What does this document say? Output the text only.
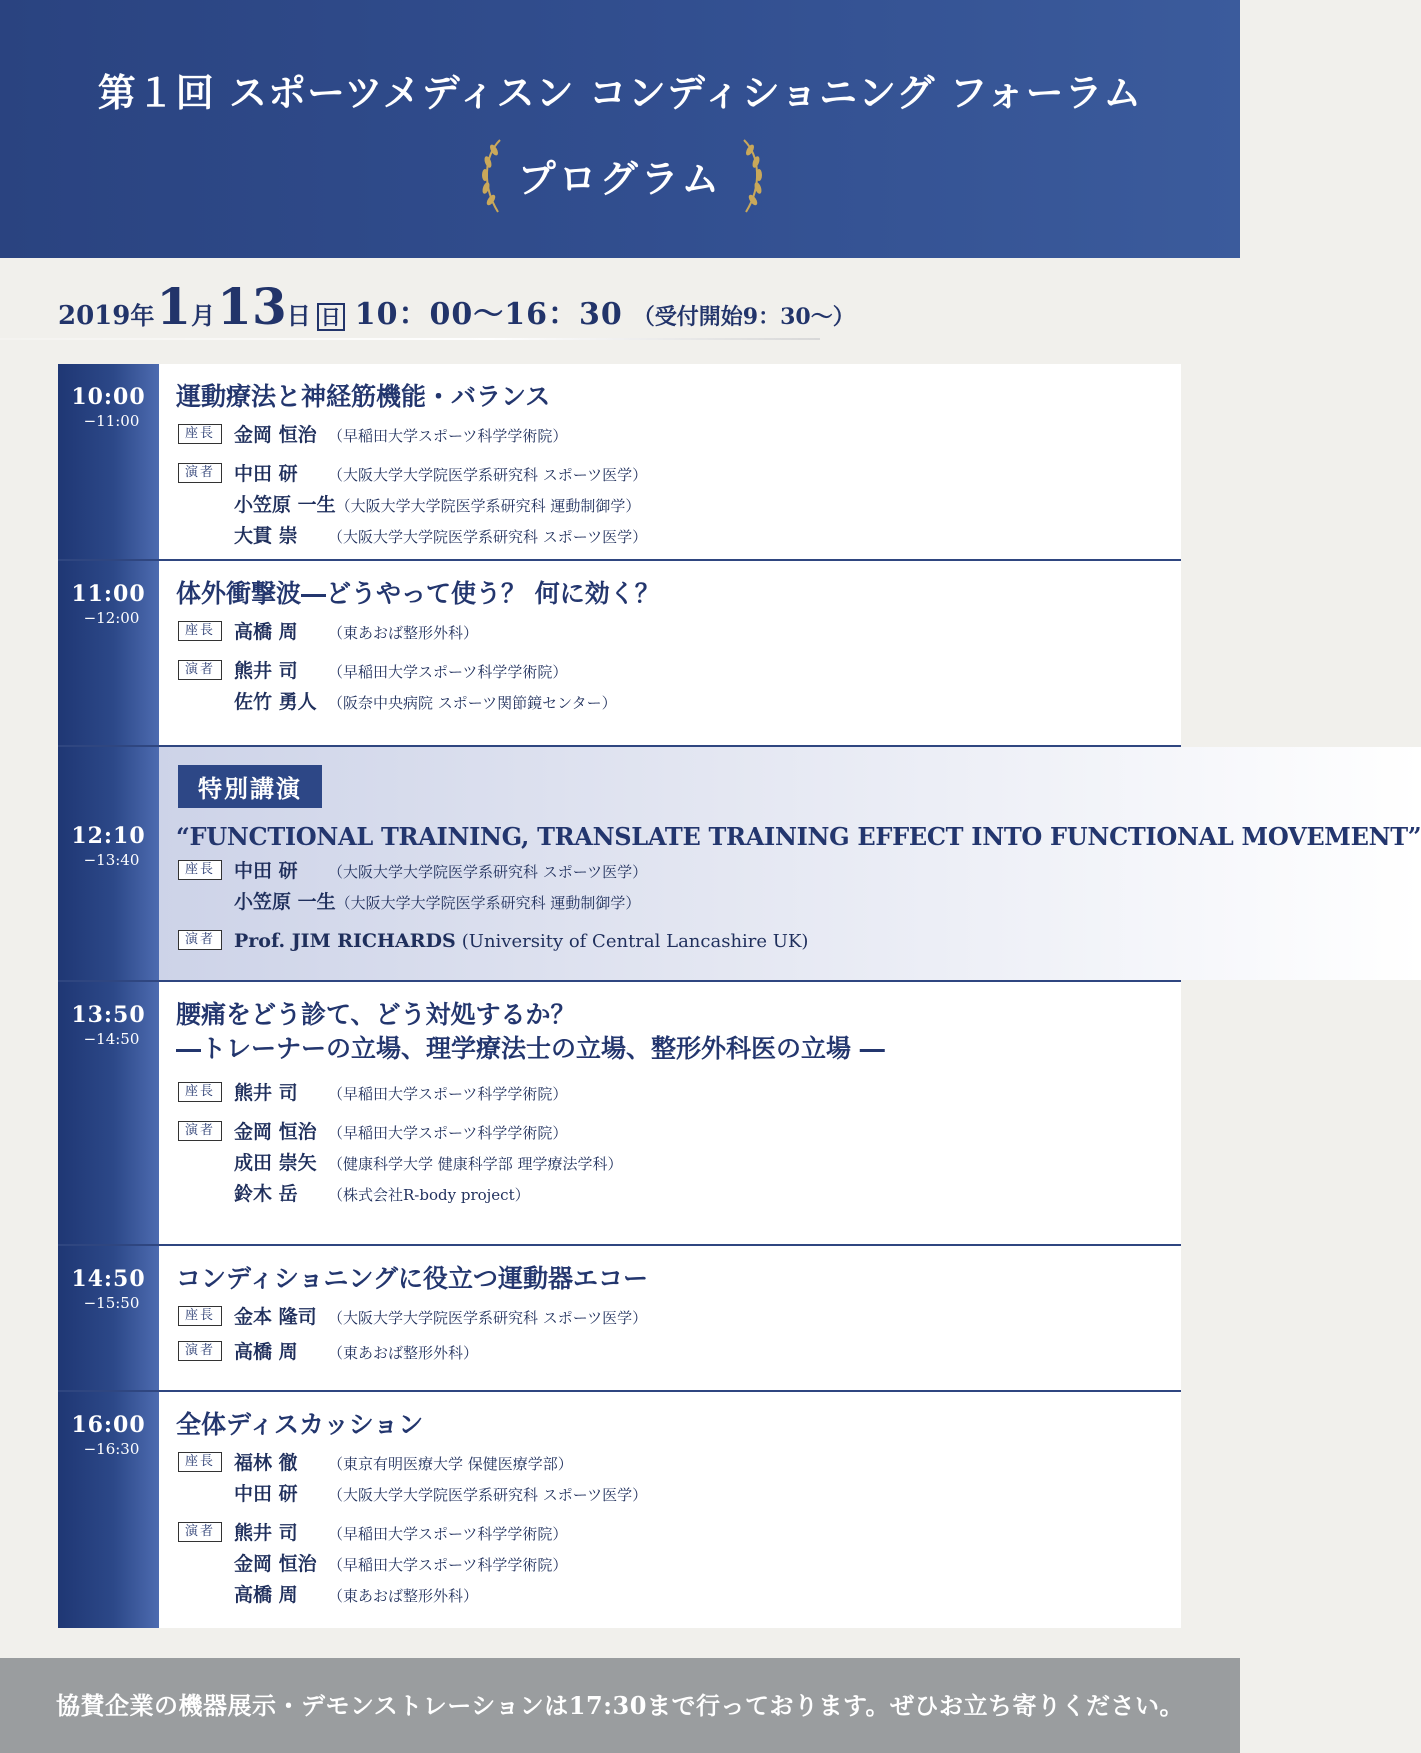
第１回 スポーツメディスン コンディショニング フォーラム
プログラム
2019 年 1 月 13 日 日 10：00〜16：30 （受付開始9：30〜）
10:00
−11:00
運動療法と神経筋機能・バランス
座長	金岡 恒治 （早稲田大学スポーツ科学学術院）
演者	中田 研 （大阪大学大学院医学系研究科 スポーツ医学）
小笠原 一生（大阪大学大学院医学系研究科 運動制御学）
大貫 崇 （大阪大学大学院医学系研究科 スポーツ医学）
11:00
−12:00
体外衝撃波―どうやって使う？ 何に効く？
座長	高橋 周 （東あおば整形外科）
演者	熊井 司 （早稲田大学スポーツ科学学術院）
佐竹 勇人 （阪奈中央病院 スポーツ関節鏡センター）
12:10
−13:40
特別講演
“FUNCTIONAL TRAINING, TRANSLATE TRAINING EFFECT INTO FUNCTIONAL MOVEMENT”
座長	中田 研 （大阪大学大学院医学系研究科 スポーツ医学）
小笠原 一生（大阪大学大学院医学系研究科 運動制御学）
演者	Prof. JIM RICHARDS (University of Central Lancashire UK)
13:50
−14:50
腰痛をどう診て、どう対処するか？
―トレーナーの立場、理学療法士の立場、整形外科医の立場 ―
座長	熊井 司 （早稲田大学スポーツ科学学術院）
演者	金岡 恒治 （早稲田大学スポーツ科学学術院）
成田 崇矢 （健康科学大学 健康科学部 理学療法学科）
鈴木 岳 （株式会社R-body project）
14:50
−15:50
コンディショニングに役立つ運動器エコー
座長	金本 隆司 （大阪大学大学院医学系研究科 スポーツ医学）
演者	高橋 周 （東あおば整形外科）
16:00
−16:30
全体ディスカッション
座長	福林 徹 （東京有明医療大学 保健医療学部）
中田 研 （大阪大学大学院医学系研究科 スポーツ医学）
演者	熊井 司 （早稲田大学スポーツ科学学術院）
金岡 恒治 （早稲田大学スポーツ科学学術院）
高橋 周 （東あおば整形外科）
協賛企業の機器展示・デモンストレーションは17:30まで行っております。ぜひお立ち寄りください。
